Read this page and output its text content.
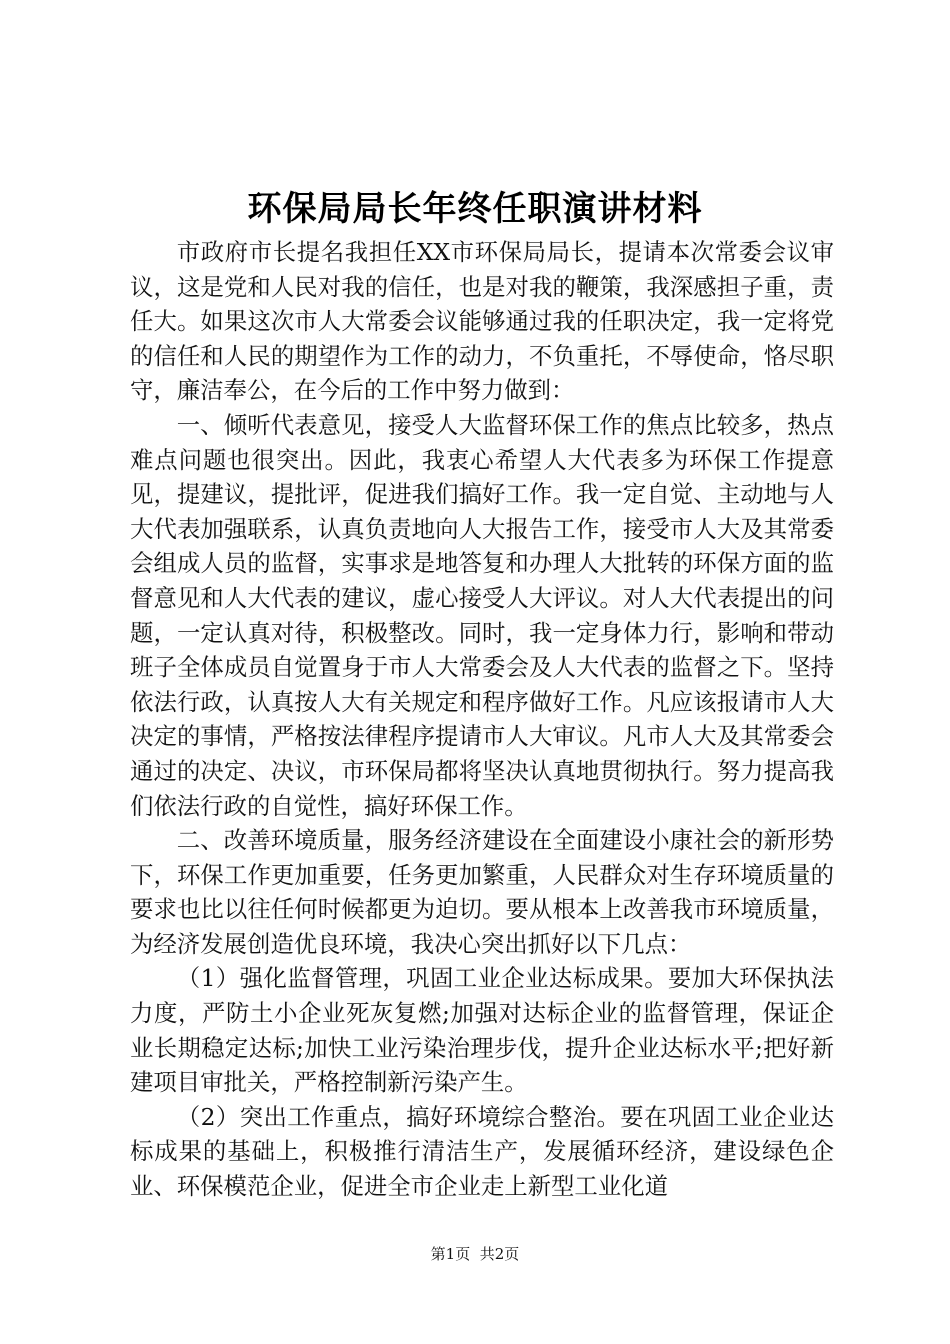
环保局局长年终任职演讲材料

市政府市长提名我担任XX市环保局局长，提请本次常委会议审议，这是党和人民对我的信任，也是对我的鞭策，我深感担子重，责任大。如果这次市人大常委会议能够通过我的任职决定，我一定将党的信任和人民的期望作为工作的动力，不负重托，不辱使命，恪尽职守，廉洁奉公，在今后的工作中努力做到：

一、倾听代表意见，接受人大监督环保工作的焦点比较多，热点难点问题也很突出。因此，我衷心希望人大代表多为环保工作提意见，提建议，提批评，促进我们搞好工作。我一定自觉、主动地与人大代表加强联系，认真负责地向人大报告工作，接受市人大及其常委会组成人员的监督，实事求是地答复和办理人大批转的环保方面的监督意见和人大代表的建议，虚心接受人大评议。对人大代表提出的问题，一定认真对待，积极整改。同时，我一定身体力行，影响和带动班子全体成员自觉置身于市人大常委会及人大代表的监督之下。坚持依法行政，认真按人大有关规定和程序做好工作。凡应该报请市人大决定的事情，严格按法律程序提请市人大审议。凡市人大及其常委会通过的决定、决议，市环保局都将坚决认真地贯彻执行。努力提高我们依法行政的自觉性，搞好环保工作。

二、改善环境质量，服务经济建设在全面建设小康社会的新形势下，环保工作更加重要，任务更加繁重，人民群众对生存环境质量的要求也比以往任何时候都更为迫切。要从根本上改善我市环境质量，为经济发展创造优良环境，我决心突出抓好以下几点：

（1）强化监督管理，巩固工业企业达标成果。要加大环保执法力度，严防土小企业死灰复燃;加强对达标企业的监督管理，保证企业长期稳定达标;加快工业污染治理步伐，提升企业达标水平;把好新建项目审批关，严格控制新污染产生。

（2）突出工作重点，搞好环境综合整治。要在巩固工业企业达标成果的基础上，积极推行清洁生产，发展循环经济，建设绿色企业、环保模范企业，促进全市企业走上新型工业化道

第1页 共2页
